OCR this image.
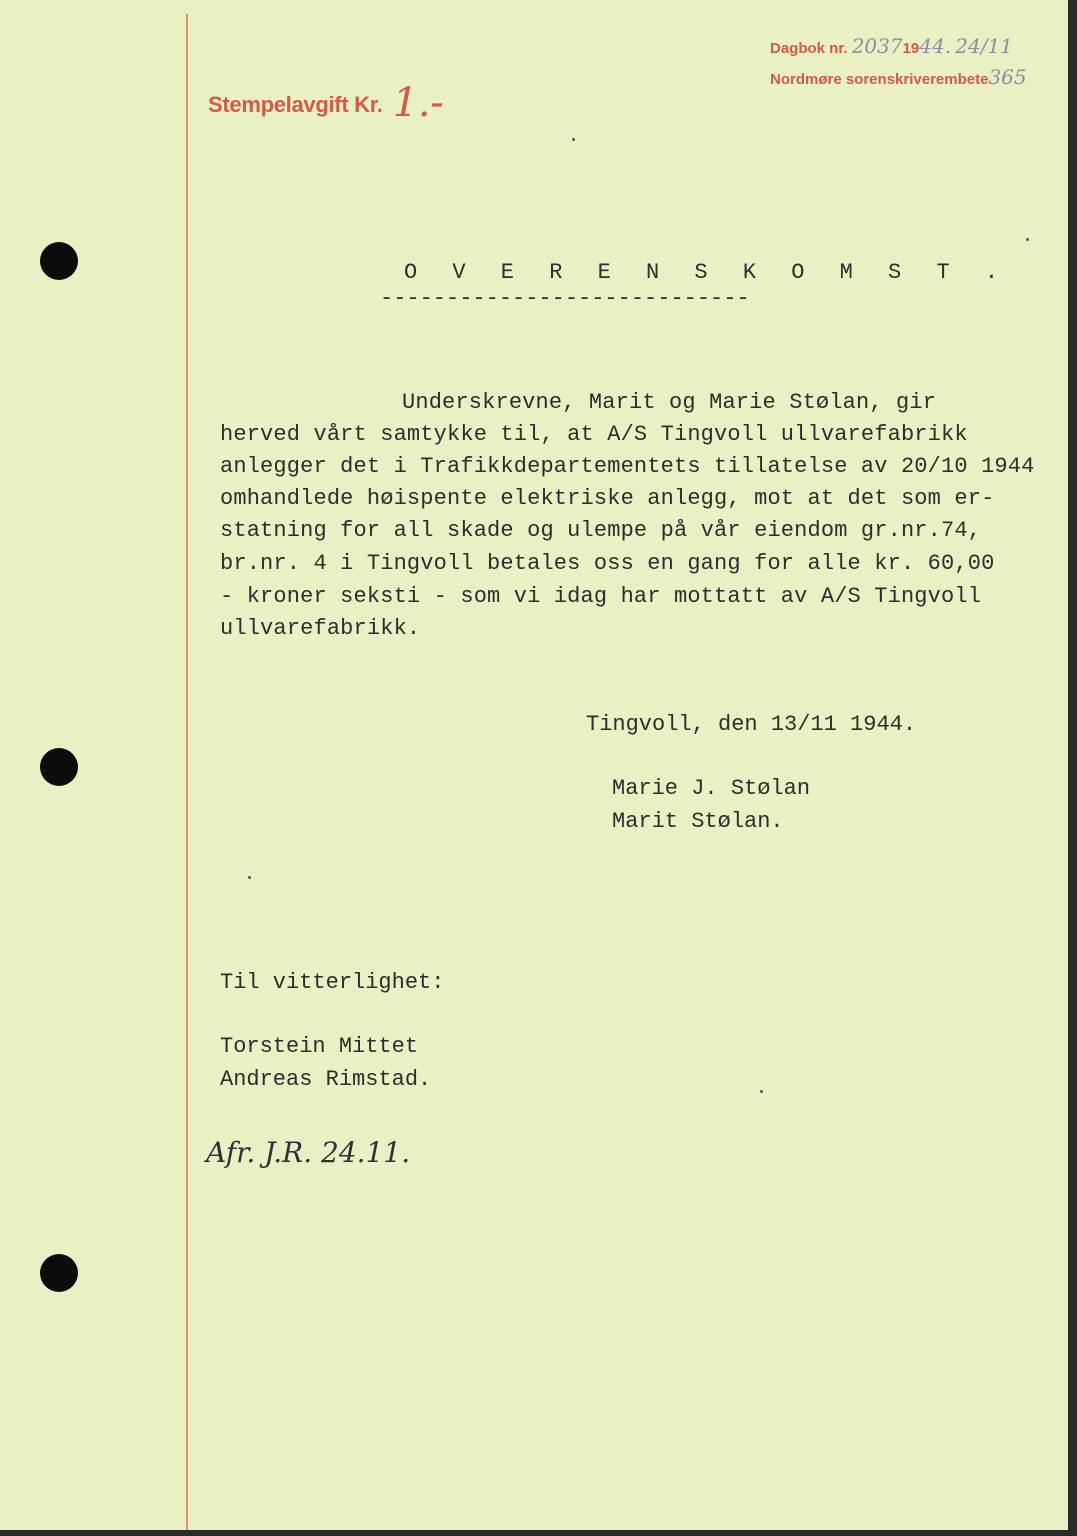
Stempelavgift Kr. 1.-
Dagbok nr. 20371944. 24/11
Nordmøre sorenskriverembete365
O V E R E N S K O M S T .
----------------------------
Underskrevne, Marit og Marie Stølan, gir
herved vårt samtykke til, at A/S Tingvoll ullvarefabrikk
anlegger det i Trafikkdepartementets tillatelse av 20/10 1944
omhandlede høispente elektriske anlegg, mot at det som er-
statning for all skade og ulempe på vår eiendom gr.nr.74,
br.nr. 4 i Tingvoll betales oss en gang for alle kr. 60,00
- kroner seksti - som vi idag har mottatt av A/S Tingvoll
ullvarefabrikk.
Tingvoll, den 13/11 1944.
Marie J. Stølan
Marit Stølan.
Til vitterlighet:
Torstein Mittet
Andreas Rimstad.
Afr. J.R. 24.11.
